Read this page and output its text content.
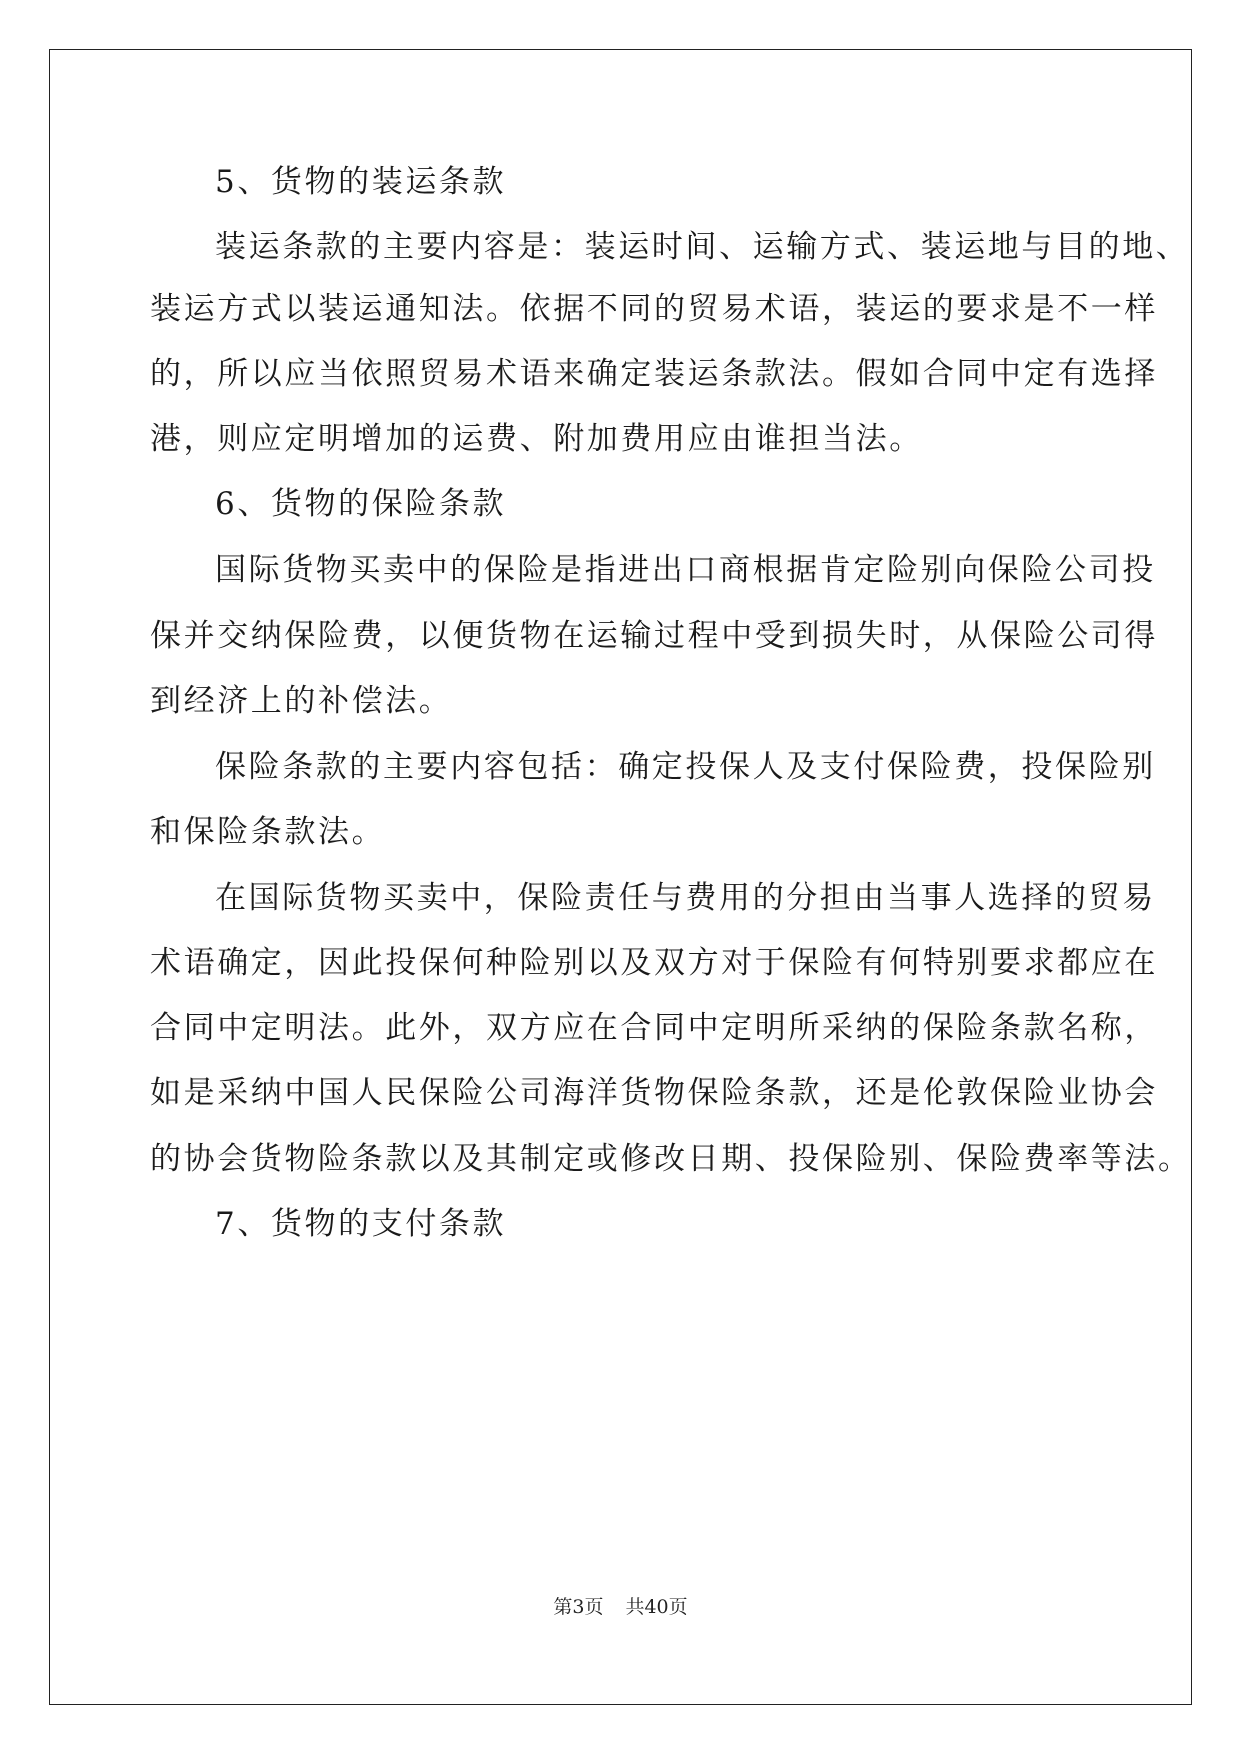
5、货物的装运条款
装运条款的主要内容是：装运时间、运输方式、装运地与目的地、
装运方式以装运通知法。依据不同的贸易术语，装运的要求是不一样
的，所以应当依照贸易术语来确定装运条款法。假如合同中定有选择
港，则应定明增加的运费、附加费用应由谁担当法。
6、货物的保险条款
国际货物买卖中的保险是指进出口商根据肯定险别向保险公司投
保并交纳保险费，以便货物在运输过程中受到损失时，从保险公司得
到经济上的补偿法。
保险条款的主要内容包括：确定投保人及支付保险费，投保险别
和保险条款法。
在国际货物买卖中，保险责任与费用的分担由当事人选择的贸易
术语确定，因此投保何种险别以及双方对于保险有何特别要求都应在
合同中定明法。此外，双方应在合同中定明所采纳的保险条款名称，
如是采纳中国人民保险公司海洋货物保险条款，还是伦敦保险业协会
的协会货物险条款以及其制定或修改日期、投保险别、保险费率等法。
7、货物的支付条款
第3页 共40页
